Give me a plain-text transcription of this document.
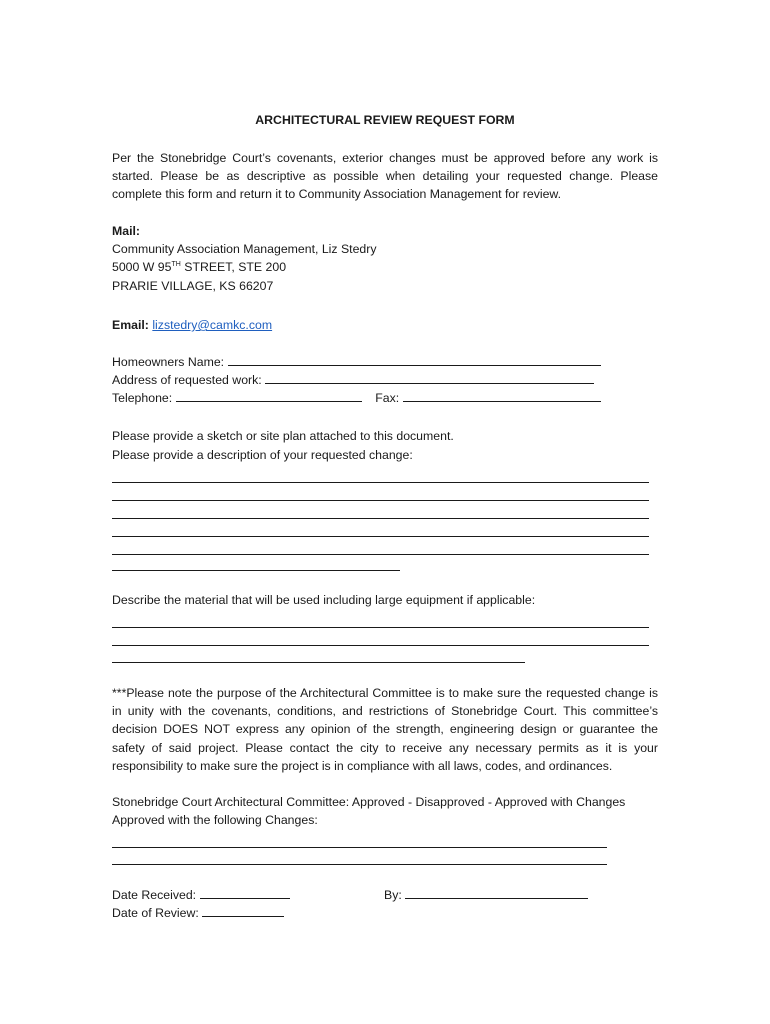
ARCHITECTURAL REVIEW REQUEST FORM
Per the Stonebridge Court’s covenants, exterior changes must be approved before any work is started. Please be as descriptive as possible when detailing your requested change. Please complete this form and return it to Community Association Management for review.
Mail:
Community Association Management, Liz Stedry
5000 W 95TH STREET, STE 200
PRARIE VILLAGE, KS 66207
Email: lizstedry@camkc.com
Homeowners Name:
Address of requested work:
Telephone:	Fax:
Please provide a sketch or site plan attached to this document.
Please provide a description of your requested change:
Describe the material that will be used including large equipment if applicable:
***Please note the purpose of the Architectural Committee is to make sure the requested change is in unity with the covenants, conditions, and restrictions of Stonebridge Court. This committee’s decision DOES NOT express any opinion of the strength, engineering design or guarantee the safety of said project. Please contact the city to receive any necessary permits as it is your responsibility to make sure the project is in compliance with all laws, codes, and ordinances.
Stonebridge Court Architectural Committee: Approved - Disapproved - Approved with Changes
Approved with the following Changes:
Date Received:	By:
Date of Review:
